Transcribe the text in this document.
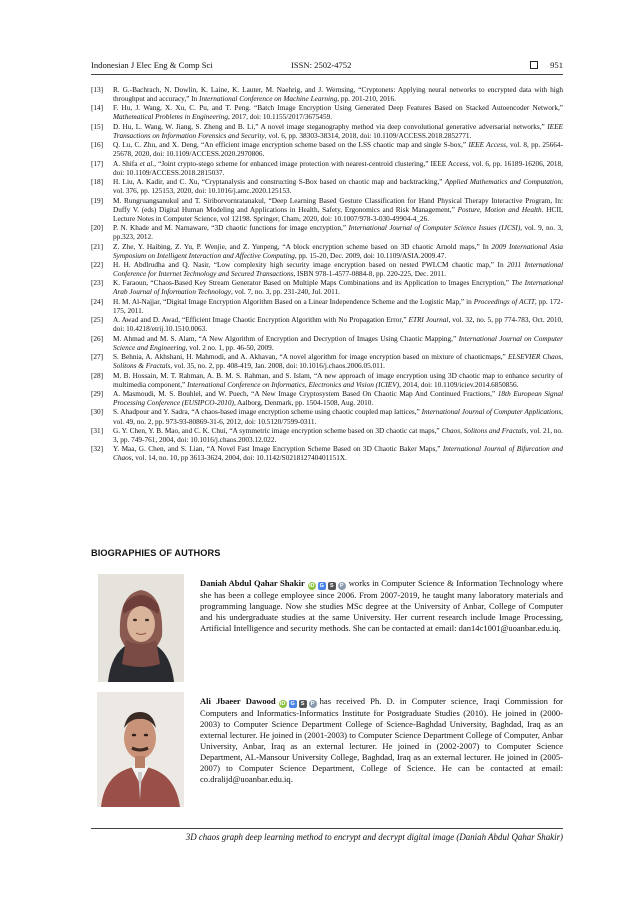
Indonesian J Elec Eng & Comp Sci	ISSN: 2502-4752	951
[13] R. G.-Bachrach, N. Dowlin, K. Laine, K. Lauter, M. Naehrig, and J. Wernsing, “Cryptonets: Applying neural networks to encrypted data with high throughput and accuracy,” In International Conference on Machine Learning, pp. 201-210, 2016.
[14] F. Hu, J. Wang, X. Xu, C. Pu, and T. Peng. “Batch Image Encryption Using Generated Deep Features Based on Stacked Autoencoder Network,” Mathematical Problems in Engineering, 2017, doi: 10.1155/2017/3675459.
[15] D. Hu, L. Wang, W. Jiang, S. Zheng and B. Li,” A novel image steganography method via deep convolutional generative adversarial networks,” IEEE Transactions on Information Forensics and Security, vol. 6, pp. 38303-38314, 2018, doi: 10.1109/ACCESS.2018.2852771.
[16] Q. Lu, C. Zhu, and X. Deng, “An efficient image encryption scheme based on the LSS chaotic map and single S-box,” IEEE Access, vol. 8, pp. 25664-25678, 2020, doi: 10.1109/ACCESS.2020.2970806.
[17] A. Shifa et al., “Joint crypto-stego scheme for enhanced image protection with nearest-centroid clustering,” IEEE Access, vol. 6, pp. 16189-16206, 2018, doi: 10.1109/ACCESS.2018.2815037.
[18] H. Liu, A. Kadir, and C. Xu, “Cryptanalysis and constructing S-Box based on chaotic map and backtracking,” Applied Mathematics and Computation, vol. 376, pp. 125153, 2020, doi: 10.1016/j.amc.2020.125153.
[19] M. Rungruangsanukul and T. Siriborvornratanakul, “Deep Learning Based Gesture Classification for Hand Physical Therapy Interactive Program, In: Duffy V. (eds) Digital Human Modeling and Applications in Health, Safety, Ergonomics and Risk Management,” Posture, Motion and Health. HCII, Lecture Notes in Computer Science, vol 12198. Springer, Cham, 2020, doi: 10.1007/978-3-030-49904-4_26.
[20] P. N. Khade and M. Narnaware, “3D chaotic functions for image encryption,” International Journal of Computer Science Issues (IJCSI), vol. 9, no. 3, pp.323, 2012.
[21] Z. Zhe, Y. Haibing, Z. Yu, P. Wenjie, and Z. Yunpeng, “A block encryption scheme based on 3D chaotic Arnold maps,” In 2009 International Asia Symposium on Intelligent Interaction and Affective Computing, pp. 15-20, Dec. 2009, doi: 10.1109/ASIA.2009.47.
[22] H. H. Abdlrudha and Q. Nasir, “Low complexity high security image encryption based on nested PWLCM chaotic map,” In 2011 International Conference for Internet Technology and Secured Transactions, ISBN 978-1-4577-0884-8, pp. 220-225, Dec. 2011.
[23] K. Faraoun, “Chaos-Based Key Stream Generator Based on Multiple Maps Combinations and its Application to Images Encryption,” The International Arab Journal of Information Technology, vol. 7, no. 3, pp. 231-240, Jul. 2011.
[24] H. M. Al-Najjar, “Digital Image Encryption Algorithm Based on a Linear Independence Scheme and the Logistic Map,” in Proceedings of ACIT, pp. 172-175, 2011.
[25] A. Awad and D. Awad, “Efficient Image Chaotic Encryption Algorithm with No Propagation Error,” ETRI Journal, vol. 32, no. 5, pp 774-783, Oct. 2010, doi: 10.4218/etrij.10.1510.0063.
[26] M. Ahmad and M. S. Alam, “A New Algorithm of Encryption and Decryption of Images Using Chaotic Mapping,” International Journal on Computer Science and Engineering, vol. 2 no. 1, pp. 46-50, 2009.
[27] S. Behnia, A. Akhshani, H. Mahmodi, and A. Akhavan, “A novel algorithm for image encryption based on mixture of chaoticmaps,” ELSEVIER Chaos, Solitons & Fractals, vol. 35, no. 2, pp. 408-419, Jan. 2008, doi: 10.1016/j.chaos.2006.05.011.
[28] M. B. Hossain, M. T. Rahman, A. B. M. S. Rahman, and S. Islam, “A new approach of image encryption using 3D chaotic map to enhance security of multimedia component,” International Conference on Informatics, Electronics and Vision (ICIEV), 2014, doi: 10.1109/iciev.2014.6850856.
[29] A. Masmoudi, M. S. Bouhlel, and W. Puech, “A New Image Cryptosystem Based On Chaotic Map And Continued Fractions,” 18th European Signal Processing Conference (EUSIPCO-2010), Aalborg, Denmark, pp. 1504-1508, Aug. 2010.
[30] S. Ahadpour and Y. Sadra, “A chaos-based image encryption scheme using chaotic coupled map lattices,” International Journal of Computer Applications, vol. 49, no. 2, pp. 973-93-80869-31-6, 2012, doi: 10.5120/7599-0311.
[31] G. Y. Chen, Y. B. Mao, and C. K. Chui, “A symmetric image encryption scheme based on 3D chaotic cat maps,” Chaos, Solitons and Fractals, vol. 21, no. 3, pp. 749-761, 2004, doi: 10.1016/j.chaos.2003.12.022.
[32] Y. Maa, G. Chen, and S. Lian, “A Novel Fast Image Encryption Scheme Based on 3D Chaotic Baker Maps,” International Journal of Bifurcation and Chaos, vol. 14, no. 10, pp 3613-3624, 2004, doi: 10.1142/S021812740401151X.
BIOGRAPHIES OF AUTHORS
Daniah Abdul Qahar Shakir iD G	S	P works in Computer Science & Information Technology where she has been a college employee since 2006. From 2007-2019, he taught many laboratory materials and programming language. Now she studies MSc degree at the University of Anbar, College of Computer and his undergraduate studies at the same University. Her current research include Image Processing, Artificial Intelligence and security methods. She can be contacted at email: dan14c1001@uoanbar.edu.iq.
Ali Jbaeer Dawood iD G	S	P has received Ph. D. in Computer science, Iraqi Commission for Computers and Informatics-Informatics Institute for Postgraduate Studies (2010). He joined in (2000-2003) to Computer Science Department College of Science-Baghdad University, Baghdad, Iraq as an external lecturer. He joined in (2001-2003) to Computer Science Department College of Computer, Anbar University, Anbar, Iraq as an external lecturer. He joined in (2002-2007) to Computer Science Department, AL-Mansour University College, Baghdad, Iraq as an external lecturer. He joined in (2005-2007) to Computer Science Department, College of Science. He can be contacted at email: co.dralijd@uoanbar.edu.iq.
3D chaos graph deep learning method to encrypt and decrypt digital image (Daniah Abdul Qahar Shakir)
